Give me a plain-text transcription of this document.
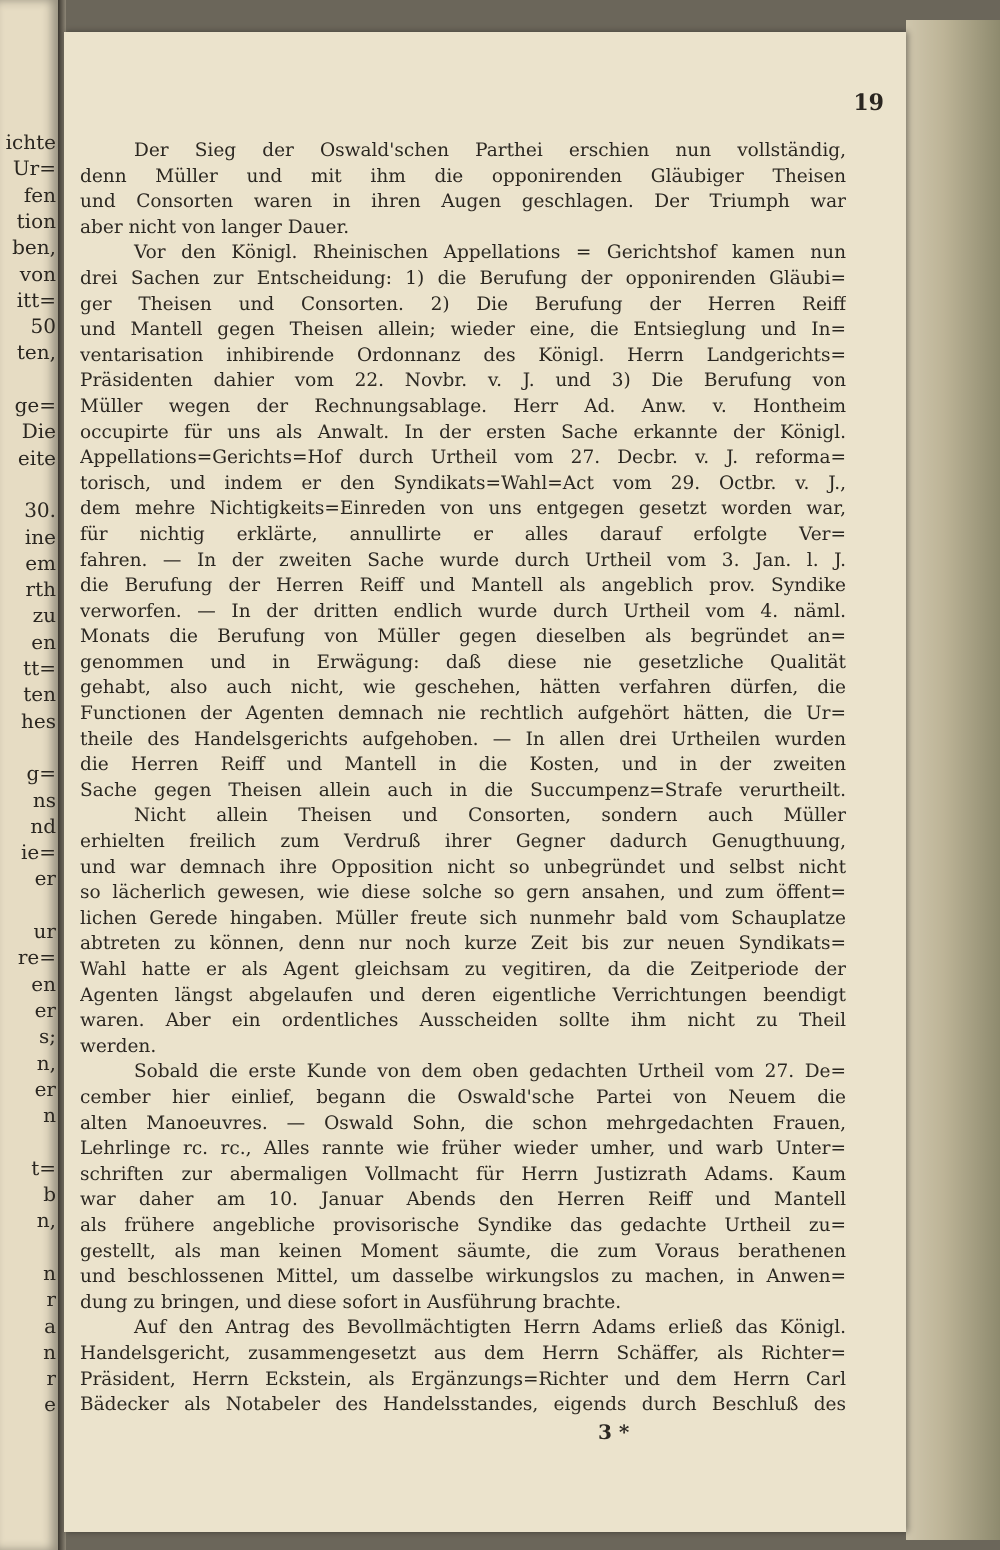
ichte
Ur=
fen
tion
ben,
von
itt=
50
ten,
ge=
Die
eite
30.
ine
em
rth
zu
en
tt=
ten
hes
g=
ns
nd
ie=
er
ur
re=
en
er
s;
n,
er
n
t=
b
n,
n
r
a
n
r
e
19
Der Sieg der Oswald'schen Parthei erschien nun vollständig,
denn Müller und mit ihm die opponirenden Gläubiger Theisen
und Consorten waren in ihren Augen geschlagen. Der Triumph war
aber nicht von langer Dauer.
Vor den Königl. Rheinischen Appellations = Gerichtshof kamen nun
drei Sachen zur Entscheidung: 1) die Berufung der opponirenden Gläubi=
ger Theisen und Consorten. 2) Die Berufung der Herren Reiff
und Mantell gegen Theisen allein; wieder eine, die Entsieglung und In=
ventarisation inhibirende Ordonnanz des Königl. Herrn Landgerichts=
Präsidenten dahier vom 22. Novbr. v. J. und 3) Die Berufung von
Müller wegen der Rechnungsablage. Herr Ad. Anw. v. Hontheim
occupirte für uns als Anwalt. In der ersten Sache erkannte der Königl.
Appellations=Gerichts=Hof durch Urtheil vom 27. Decbr. v. J. reforma=
torisch, und indem er den Syndikats=Wahl=Act vom 29. Octbr. v. J.,
dem mehre Nichtigkeits=Einreden von uns entgegen gesetzt worden war,
für nichtig erklärte, annullirte er alles darauf erfolgte Ver=
fahren. — In der zweiten Sache wurde durch Urtheil vom 3. Jan. l. J.
die Berufung der Herren Reiff und Mantell als angeblich prov. Syndike
verworfen. — In der dritten endlich wurde durch Urtheil vom 4. näml.
Monats die Berufung von Müller gegen dieselben als begründet an=
genommen und in Erwägung: daß diese nie gesetzliche Qualität
gehabt, also auch nicht, wie geschehen, hätten verfahren dürfen, die
Functionen der Agenten demnach nie rechtlich aufgehört hätten, die Ur=
theile des Handelsgerichts aufgehoben. — In allen drei Urtheilen wurden
die Herren Reiff und Mantell in die Kosten, und in der zweiten
Sache gegen Theisen allein auch in die Succumpenz=Strafe verurtheilt.
Nicht allein Theisen und Consorten, sondern auch Müller
erhielten freilich zum Verdruß ihrer Gegner dadurch Genugthuung,
und war demnach ihre Opposition nicht so unbegründet und selbst nicht
so lächerlich gewesen, wie diese solche so gern ansahen, und zum öffent=
lichen Gerede hingaben. Müller freute sich nunmehr bald vom Schauplatze
abtreten zu können, denn nur noch kurze Zeit bis zur neuen Syndikats=
Wahl hatte er als Agent gleichsam zu vegitiren, da die Zeitperiode der
Agenten längst abgelaufen und deren eigentliche Verrichtungen beendigt
waren. Aber ein ordentliches Ausscheiden sollte ihm nicht zu Theil
werden.
Sobald die erste Kunde von dem oben gedachten Urtheil vom 27. De=
cember hier einlief, begann die Oswald'sche Partei von Neuem die
alten Manoeuvres. — Oswald Sohn, die schon mehrgedachten Frauen,
Lehrlinge rc. rc., Alles rannte wie früher wieder umher, und warb Unter=
schriften zur abermaligen Vollmacht für Herrn Justizrath Adams. Kaum
war daher am 10. Januar Abends den Herren Reiff und Mantell
als frühere angebliche provisorische Syndike das gedachte Urtheil zu=
gestellt, als man keinen Moment säumte, die zum Voraus berathenen
und beschlossenen Mittel, um dasselbe wirkungslos zu machen, in Anwen=
dung zu bringen, und diese sofort in Ausführung brachte.
Auf den Antrag des Bevollmächtigten Herrn Adams erließ das Königl.
Handelsgericht, zusammengesetzt aus dem Herrn Schäffer, als Richter=
Präsident, Herrn Eckstein, als Ergänzungs=Richter und dem Herrn Carl
Bädecker als Notabeler des Handelsstandes, eigends durch Beschluß des
3 *
